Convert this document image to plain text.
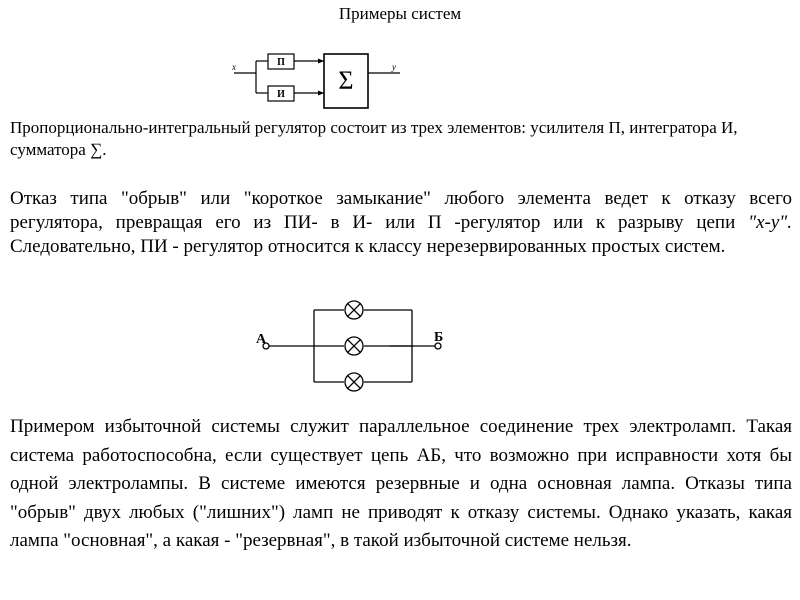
Примеры систем
x	y
П
И Σ
Пропорционально-интегральный регулятор состоит из трех элементов: усилителя П, интегратора И, сумматора ∑.
Отказ типа "обрыв" или "короткое замыкание" любого элемента ведет к отказу всего регулятора, превращая его из ПИ- в И- или П -регулятор или к разрыву цепи "x-y". Следовательно, ПИ - регулятор относится к классу нерезервированных простых систем.
А	Б
Примером избыточной системы служит параллельное соединение трех электроламп. Такая система работоспособна, если существует цепь АБ, что возможно при исправности хотя бы одной электролампы. В системе имеются резервные и одна основная лампа. Отказы типа "обрыв" двух любых ("лишних") ламп не приводят к отказу системы. Однако указать, какая лампа "основная", а какая - "резервная", в такой избыточной системе нельзя.
